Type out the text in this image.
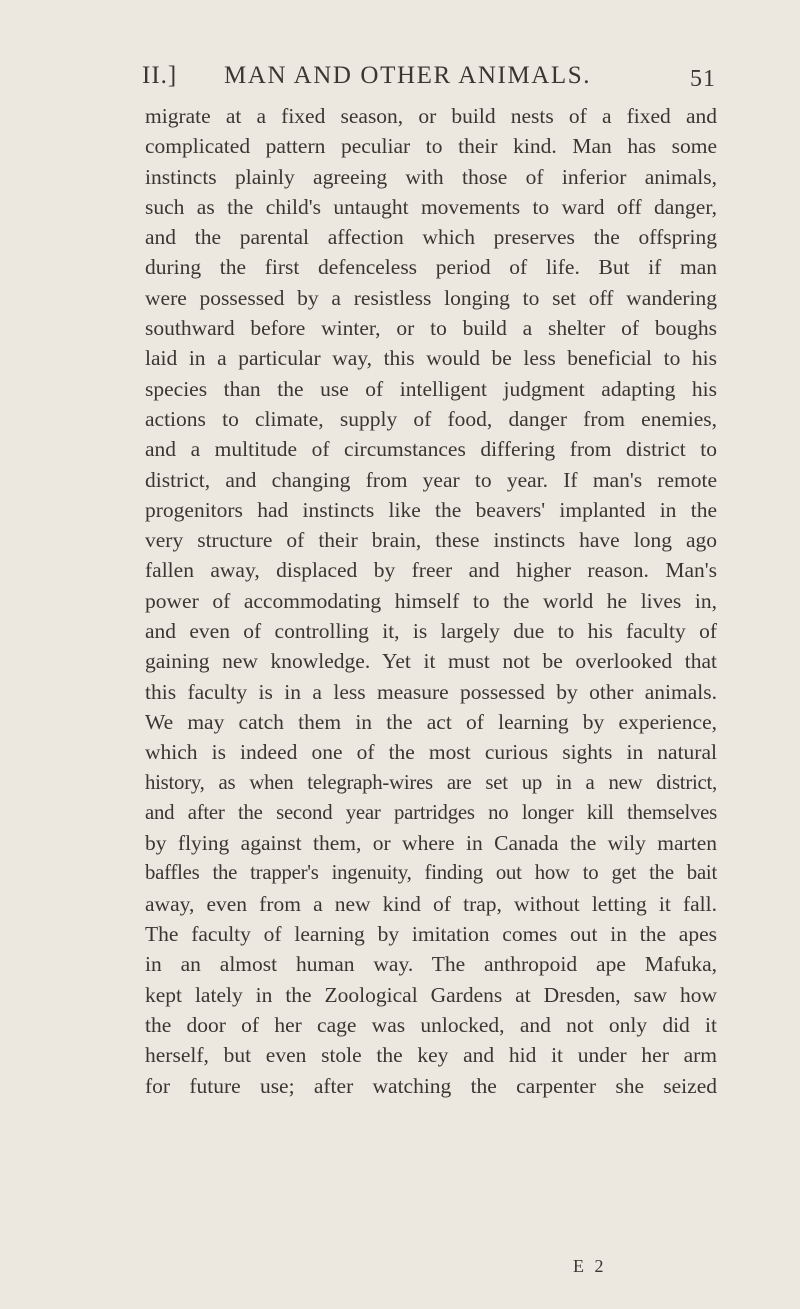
II.] MAN AND OTHER ANIMALS.	51
migrate at a fixed season, or build nests of a fixed and
complicated pattern peculiar to their kind. Man has some
instincts plainly agreeing with those of inferior animals,
such as the child's untaught movements to ward off danger,
and the parental affection which preserves the offspring
during the first defenceless period of life. But if man
were possessed by a resistless longing to set off wandering
southward before winter, or to build a shelter of boughs
laid in a particular way, this would be less beneficial to his
species than the use of intelligent judgment adapting his
actions to climate, supply of food, danger from enemies,
and a multitude of circumstances differing from district to
district, and changing from year to year. If man's remote
progenitors had instincts like the beavers' implanted in the
very structure of their brain, these instincts have long ago
fallen away, displaced by freer and higher reason. Man's
power of accommodating himself to the world he lives in,
and even of controlling it, is largely due to his faculty of
gaining new knowledge. Yet it must not be overlooked that
this faculty is in a less measure possessed by other animals.
We may catch them in the act of learning by experience,
which is indeed one of the most curious sights in natural
history, as when telegraph-wires are set up in a new district,
and after the second year partridges no longer kill themselves
by flying against them, or where in Canada the wily marten
baffles the trapper's ingenuity, finding out how to get the bait
away, even from a new kind of trap, without letting it fall.
The faculty of learning by imitation comes out in the apes
in an almost human way. The anthropoid ape Mafuka,
kept lately in the Zoological Gardens at Dresden, saw how
the door of her cage was unlocked, and not only did it
herself, but even stole the key and hid it under her arm
for future use; after watching the carpenter she seized
E 2
